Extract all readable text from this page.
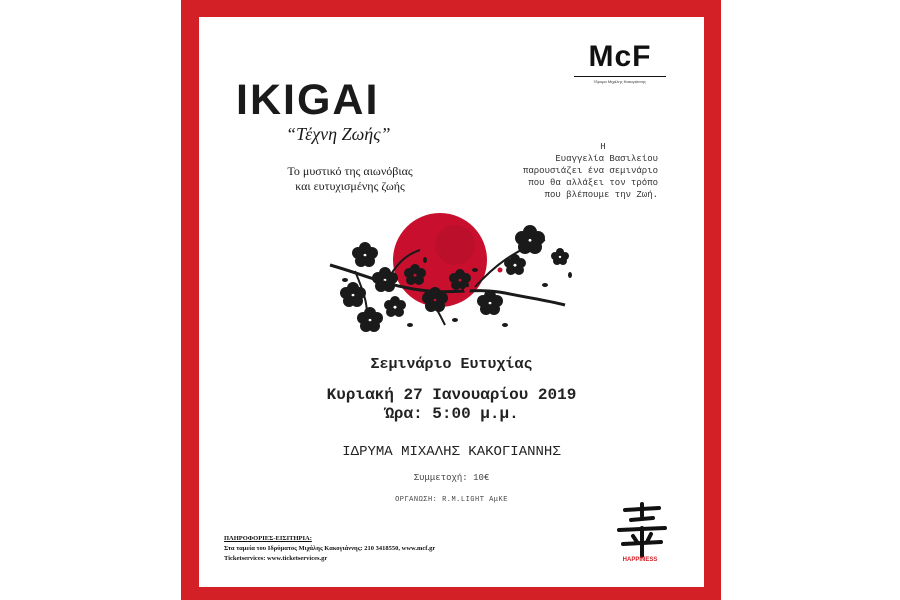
IKIGAI
“Τέχνη Ζωής”
Το μυστικό της αιωνόβιας
και ευτυχισμένης ζωής
McF
Ίδρυμα Μιχάλης Κακογιάννης
Η
Ευαγγελία Βασιλείου
παρουσιάζει ένα σεμινάριο
που θα αλλάξει τον τρόπο
που βλέπουμε την Ζωή.
Σεμινάριο Ευτυχίας
Κυριακή 27 Ιανουαρίου 2019
Ώρα: 5:00 μ.μ.
ΙΔΡΥΜΑ ΜΙΧΑΛΗΣ ΚΑΚΟΓΙΑΝΝΗΣ
Συμμετοχή: 10€
ΟΡΓΑΝΩΣΗ: R.M.LIGHT ΑμΚΕ
ΠΛΗΡΟΦΟΡΙΕΣ-ΕΙΣΙΤΗΡΙΑ:
Στα ταμεία του Ιδρύματος Μιχάλης Κακογιάννης: 210 3418550, www.mcf.gr
Ticketservices: www.ticketservices.gr	HAPPINESS
